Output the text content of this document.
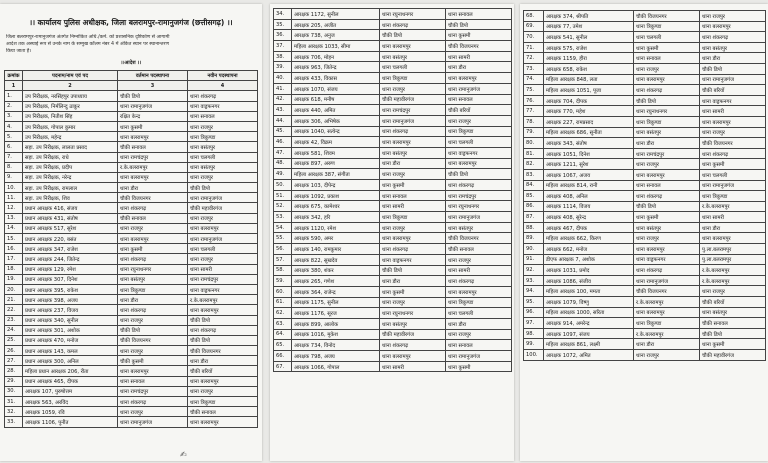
।। कार्यालय पुलिस अधीक्षक, जिला बलरामपुर-रामानुजगंज (छत्तीसगढ़) ।।
जिला बलरामपुर-रामानुजगंज अंतर्गत निम्नांकित अधि./कर्म. को प्रशासनिक दृष्टिकोण से आगामी
आदेश तक अस्थाई रूप से उनके नाम के सम्मुख कॉलम नंबर 4 में अंकित स्थान पर स्थानान्तरण
किया जाता है।
।।आदेश ।।
क्रमांक	पदनाम/नाम एवं पद	वर्तमान पदस्थापना	नवीन पदस्थापना
1	2	3	4
1.	उप निरीक्षक, नरसिंहपुर उपाध्याय	चौकी डिपो	थाना शंकरगढ़
2.	उप निरीक्षक, निर्मलिन्दु ठाकुर	थाना रामानुजगंज	थाना वाड्रफनगर
3.	उप निरीक्षक, नितीश सिंह	रक्षित केन्द्र	थाना सनावल
4.	उप निरीक्षक, गोपाल कुमार	थाना कुसमी	थाना राजपुर
5.	उप निरीक्षक, महेन्द्र	थाना बलरामपुर	थाना त्रिकुण्डा
6.	सहा. उप निरीक्षक, लालता प्रसाद	चौकी सनावल	थाना बसंतपुर
7.	सहा. उप निरीक्षक, राधे	थाना रामचंद्रपुर	थाना चलगली
8.	सहा. उप निरीक्षक, प्रदीप	र.के.बलरामपुर	थाना बसंतपुर
9.	सहा. उप निरीक्षक, नरेन्द्र	थाना बलरामपुर	थाना राजपुर
10.	सहा. उप निरीक्षक, रामलाल	थाना डौरा	चौकी डिपो
11.	सहा. उप निरीक्षक, शिव	चौकी विजयनगर	थाना रामानुजगंज
12.	प्रधान आरक्षक 416, संजय	थाना शंकरगढ़	चौकी महावीरगंज
13.	प्रधान आरक्षक 431, संतोष	चौकी सनावल	थाना राजपुर
14.	प्रधान आरक्षक 517, सुरेश	थाना राजपुर	थाना बलरामपुर
15.	प्रधान आरक्षक 220, बसंत	थाना बलरामपुर	थाना रामानुजगंज
16.	प्रधान आरक्षक 347, राजेश	थाना कुसमी	थाना चलगली
17.	प्रधान आरक्षक 244, जितेन्द्र	थाना शंकरगढ़	थाना राजपुर
18.	प्रधान आरक्षक 129, रमेश	थाना रघुनाथनगर	थाना सामरी
19.	प्रधान आरक्षक 307, दिनेश	थाना बसंतपुर	थाना रामचंद्रपुर
20.	प्रधान आरक्षक 395, राकेश	थाना त्रिकुण्डा	थाना वाड्रफनगर
21.	प्रधान आरक्षक 398, अजय	थाना डौरा	र.के.बलरामपुर
22.	प्रधान आरक्षक 237, विजय	थाना शंकरगढ़	थाना बलरामपुर
23.	प्रधान आरक्षक 340, सुनील	थाना राजपुर	चौकी डिपो
24.	प्रधान आरक्षक 301, अशोक	चौकी डिपो	थाना शंकरगढ़
25.	प्रधान आरक्षक 470, मनोज	चौकी विजयनगर	चौकी डिपो
26.	प्रधान आरक्षक 143, कमल	थाना राजपुर	चौकी विजयनगर
27.	प्रधान आरक्षक 300, अनिल	चौकी कुसमी	थाना डौरा
28.	महिला प्रधान आरक्षक 206, रीता	थाना बलरामपुर	चौकी बरियों
29.	प्रधान आरक्षक 465, दीपक	थाना सनावल	थाना बलरामपुर
30.	आरक्षक 107, पुरुषोत्तम	थाना रामचंद्रपुर	थाना राजपुर
31.	आरक्षक 563, अरविंद	थाना शंकरगढ़	थाना त्रिकुण्डा
32.	आरक्षक 1059, रवि	थाना राजपुर	चौकी सनावल
33.	आरक्षक 1106, पुनीत	थाना रामानुजगंज	थाना बलरामपुर
✍
34.	आरक्षक 1172, सुनील	थाना रघुनाथनगर	थाना सनावल
35.	आरक्षक 205, अजीत	थाना शंकरगढ़	चौकी डिपो
36.	आरक्षक 738, अनुज	चौकी डिपो	थाना कुसमी
37.	महिला आरक्षक 1033, सीमा	थाना बलरामपुर	चौकी विजयनगर
38.	आरक्षक 706, मोहन	थाना बसंतपुर	थाना सामरी
39.	आरक्षक 963, जितेन्द्र	थाना चलगली	थाना डौरा
40.	आरक्षक 433, विकास	थाना त्रिकुण्डा	थाना बलरामपुर
41.	आरक्षक 1070, संजय	थाना राजपुर	थाना रामानुजगंज
42.	आरक्षक 618, मनीष	चौकी महावीरगंज	थाना सनावल
43.	आरक्षक 440, अमित	थाना रामचंद्रपुर	चौकी बरियों
44.	आरक्षक 306, अभिषेक	थाना रामानुजगंज	थाना राजपुर
45.	आरक्षक 1040, सत्येन्द्र	थाना शंकरगढ़	थाना त्रिकुण्डा
46.	आरक्षक 42, विक्रम	थाना बलरामपुर	थाना चलगली
47.	आरक्षक 581, शिवम	थाना बसंतपुर	थाना वाड्रफनगर
48.	आरक्षक 897, अरुण	थाना डौरा	थाना बलरामपुर
49.	महिला आरक्षक 387, संगीता	थाना राजपुर	चौकी डिपो
50.	आरक्षक 103, दीपेन्द्र	थाना कुसमी	थाना शंकरगढ़
51.	आरक्षक 1092, प्रकाश	थाना सनावल	थाना रामचंद्रपुर
52.	आरक्षक 675, कामेश्वर	थाना सामरी	थाना रघुनाथनगर
53.	आरक्षक 342, हरि	थाना त्रिकुण्डा	थाना रामानुजगंज
54.	आरक्षक 1120, रमेश	थाना राजपुर	थाना बसंतपुर
55.	आरक्षक 590, अमर	थाना बलरामपुर	चौकी विजयनगर
56.	आरक्षक 140, रामकुमार	थाना शंकरगढ़	चौकी सनावल
57.	आरक्षक 822, सुखदेव	थाना वाड्रफनगर	थाना राजपुर
58.	आरक्षक 380, शंकर	चौकी डिपो	थाना सामरी
59.	आरक्षक 265, गणेश	थाना डौरा	थाना शंकरगढ़
60.	आरक्षक 364, राजेन्द्र	थाना कुसमी	थाना बलरामपुर
61.	आरक्षक 1175, सुनील	थाना राजपुर	थाना त्रिकुण्डा
62.	आरक्षक 1176, सूरज	थाना रघुनाथनगर	थाना चलगली
63.	आरक्षक 899, आलोक	थाना बसंतपुर	थाना डौरा
64.	आरक्षक 1016, मुकेश	चौकी महावीरगंज	थाना राजपुर
65.	आरक्षक 734, विनोद	थाना शंकरगढ़	थाना सनावल
66.	आरक्षक 798, अजय	थाना बलरामपुर	थाना रामानुजगंज
67.	आरक्षक 1066, गोपाल	थाना सामरी	थाना कुसमी
68.	आरक्षक 374, श्रीपति	चौकी विजयनगर	थाना राजपुर
69.	आरक्षक 77, उमेश	थाना त्रिकुण्डा	थाना बलरामपुर
70.	आरक्षक 541, सुनील	थाना चलगली	थाना शंकरगढ़
71.	आरक्षक 575, राजेश	थाना कुसमी	थाना बसंतपुर
72.	आरक्षक 1159, हीरा	थाना सनावल	थाना डौरा
73.	आरक्षक 658, राकेश	थाना राजपुर	चौकी डिपो
74.	महिला आरक्षक 848, लता	थाना बलरामपुर	थाना रामानुजगंज
75.	महिला आरक्षक 1051, पूजा	थाना शंकरगढ़	चौकी बरियों
76.	आरक्षक 704, दीपक	चौकी डिपो	थाना वाड्रफनगर
77.	आरक्षक 770, महेश	थाना रघुनाथनगर	थाना सामरी
78.	आरक्षक 227, रामप्रसाद	थाना त्रिकुण्डा	थाना बलरामपुर
79.	महिला आरक्षक 686, सुनीता	थाना बसंतपुर	थाना राजपुर
80.	आरक्षक 343, संतोष	थाना डौरा	चौकी विजयनगर
81.	आरक्षक 1051, दिनेश	थाना रामचंद्रपुर	थाना शंकरगढ़
82.	आरक्षक 1211, सुरेश	थाना राजपुर	थाना कुसमी
83.	आरक्षक 1067, अजय	थाना बलरामपुर	थाना चलगली
84.	महिला आरक्षक 814, रानी	थाना सनावल	थाना रामानुजगंज
85.	आरक्षक 408, अनिल	थाना शंकरगढ़	थाना त्रिकुण्डा
86.	आरक्षक 1114, विजय	चौकी डिपो	र.के.बलरामपुर
87.	आरक्षक 408, सुरेन्द्र	थाना कुसमी	थाना सामरी
88.	आरक्षक 467, दीपक	थाना बसंतपुर	थाना डौरा
89.	महिला आरक्षक 662, किरण	थाना राजपुर	थाना बलरामपुर
90.	आरक्षक 662, मनोज	थाना बलरामपुर	पु.ला.बलरामपुर
91.	डीएफ आरक्षक 7, अशोक	थाना वाड्रफनगर	पु.ला.बलरामपुर
92.	आरक्षक 1031, प्रमोद	थाना शंकरगढ़	र.के.बलरामपुर
93.	आरक्षक 1086, संजीव	थाना रामानुजगंज	र.के.बलरामपुर
94.	महिला आरक्षक 100, ममता	चौकी विजयनगर	थाना राजपुर
95.	आरक्षक 1079, विष्णु	र.के.बलरामपुर	चौकी बरियों
96.	महिला आरक्षक 1000, सरिता	थाना बलरामपुर	थाना बसंतपुर
97.	आरक्षक 914, अमरेन्द्र	थाना त्रिकुण्डा	चौकी सनावल
98.	आरक्षक 1097, संजय	र.के.बलरामपुर	चौकी डिपो
99.	महिला आरक्षक 861, लक्ष्मी	थाना डौरा	थाना कुसमी
100.	आरक्षक 1072, अमित	थाना राजपुर	चौकी महावीरगंज
